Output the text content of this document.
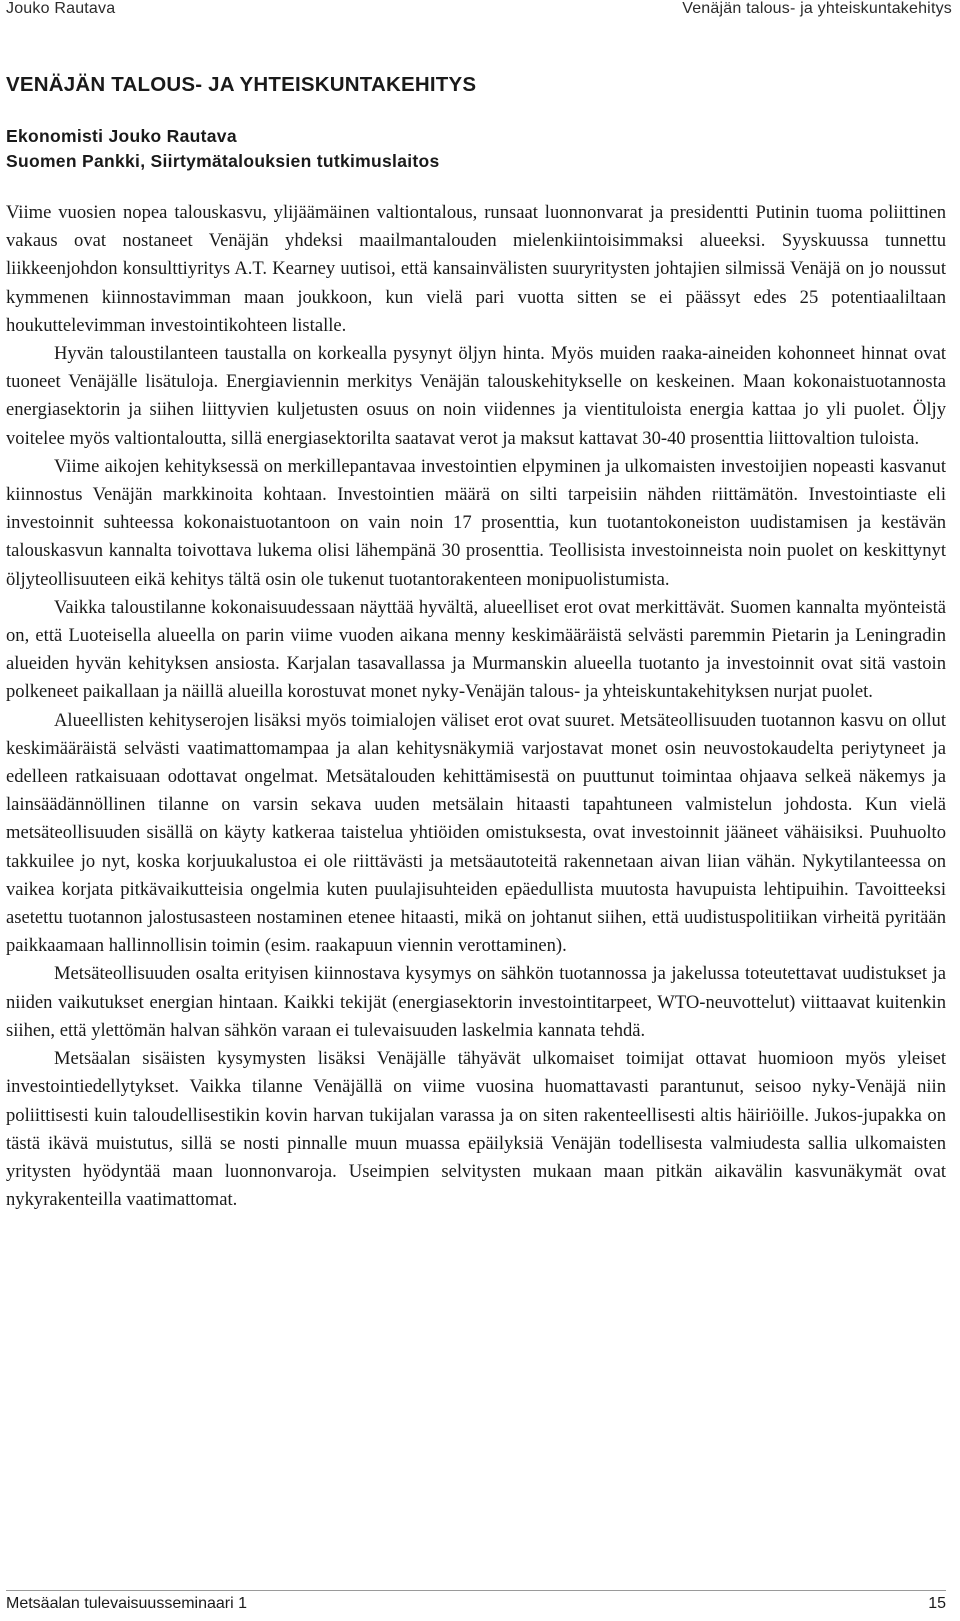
Jouko Rautava	Venäjän talous- ja yhteiskuntakehitys
VENÄJÄN TALOUS- JA YHTEISKUNTAKEHITYS
Ekonomisti Jouko Rautava
Suomen Pankki, Siirtymätalouksien tutkimuslaitos

Viime vuosien nopea talouskasvu, ylijäämäinen valtiontalous, runsaat luonnonvarat ja presidentti Putinin tuoma poliittinen vakaus ovat nostaneet Venäjän yhdeksi maailmantalouden mielenkiintoisimmaksi alueeksi. Syyskuussa tunnettu liikkeenjohdon konsulttiyritys A.T. Kearney uutisoi, että kansainvälisten suuryritysten johtajien silmissä Venäjä on jo noussut kymmenen kiinnostavimman maan joukkoon, kun vielä pari vuotta sitten se ei päässyt edes 25 potentiaaliltaan houkuttelevimman investointikohteen listalle.

Hyvän taloustilanteen taustalla on korkealla pysynyt öljyn hinta. Myös muiden raaka-aineiden kohonneet hinnat ovat tuoneet Venäjälle lisätuloja. Energiaviennin merkitys Venäjän talouskehitykselle on keskeinen. Maan kokonaistuotannosta energiasektorin ja siihen liittyvien kuljetusten osuus on noin viidennes ja vientituloista energia kattaa jo yli puolet. Öljy voitelee myös valtiontaloutta, sillä energiasektorilta saatavat verot ja maksut kattavat 30-40 prosenttia liittovaltion tuloista.

Viime aikojen kehityksessä on merkillepantavaa investointien elpyminen ja ulkomaisten investoijien nopeasti kasvanut kiinnostus Venäjän markkinoita kohtaan. Investointien määrä on silti tarpeisiin nähden riittämätön. Investointiaste eli investoinnit suhteessa kokonaistuotantoon on vain noin 17 prosenttia, kun tuotantokoneiston uudistamisen ja kestävän talouskasvun kannalta toivottava lukema olisi lähempänä 30 prosenttia. Teollisista investoinneista noin puolet on keskittynyt öljyteollisuuteen eikä kehitys tältä osin ole tukenut tuotantorakenteen monipuolistumista.

Vaikka taloustilanne kokonaisuudessaan näyttää hyvältä, alueelliset erot ovat merkittävät. Suomen kannalta myönteistä on, että Luoteisella alueella on parin viime vuoden aikana menny keskimääräistä selvästi paremmin Pietarin ja Leningradin alueiden hyvän kehityksen ansiosta. Karjalan tasavallassa ja Murmanskin alueella tuotanto ja investoinnit ovat sitä vastoin polkeneet paikallaan ja näillä alueilla korostuvat monet nyky-Venäjän talous- ja yhteiskuntakehityksen nurjat puolet.

Alueellisten kehityserojen lisäksi myös toimialojen väliset erot ovat suuret. Metsäteollisuuden tuotannon kasvu on ollut keskimääräistä selvästi vaatimattomampaa ja alan kehitysnäkymiä varjostavat monet osin neuvostokaudelta periytyneet ja edelleen ratkaisuaan odottavat ongelmat. Metsätalouden kehittämisestä on puuttunut toimintaa ohjaava selkeä näkemys ja lainsäädännöllinen tilanne on varsin sekava uuden metsälain hitaasti tapahtuneen valmistelun johdosta. Kun vielä metsäteollisuuden sisällä on käyty katkeraa taistelua yhtiöiden omistuksesta, ovat investoinnit jääneet vähäisiksi. Puuhuolto takkuilee jo nyt, koska korjuukalustoa ei ole riittävästi ja metsäautoteitä rakennetaan aivan liian vähän. Nykytilanteessa on vaikea korjata pitkävaikutteisia ongelmia kuten puulajisuhteiden epäedullista muutosta havupuista lehtipuihin. Tavoitteeksi asetettu tuotannon jalostusasteen nostaminen etenee hitaasti, mikä on johtanut siihen, että uudistuspolitiikan virheitä pyritään paikkaamaan hallinnollisin toimin (esim. raakapuun viennin verottaminen).

Metsäteollisuuden osalta erityisen kiinnostava kysymys on sähkön tuotannossa ja jakelussa toteutettavat uudistukset ja niiden vaikutukset energian hintaan. Kaikki tekijät (energiasektorin investointitarpeet, WTO-neuvottelut) viittaavat kuitenkin siihen, että ylettömän halvan sähkön varaan ei tulevaisuuden laskelmia kannata tehdä.

Metsäalan sisäisten kysymysten lisäksi Venäjälle tähyävät ulkomaiset toimijat ottavat huomioon myös yleiset investointiedellytykset. Vaikka tilanne Venäjällä on viime vuosina huomattavasti parantunut, seisoo nyky-Venäjä niin poliittisesti kuin taloudellisestikin kovin harvan tukijalan varassa ja on siten rakenteellisesti altis häiriöille. Jukos-jupakka on tästä ikävä muistutus, sillä se nosti pinnalle muun muassa epäilyksiä Venäjän todellisesta valmiudesta sallia ulkomaisten yritysten hyödyntää maan luonnonvaroja. Useimpien selvitysten mukaan maan pitkän aikavälin kasvunäkymät ovat nykyrakenteilla vaatimattomat.

Metsäalan tulevaisuusseminaari 1	15
